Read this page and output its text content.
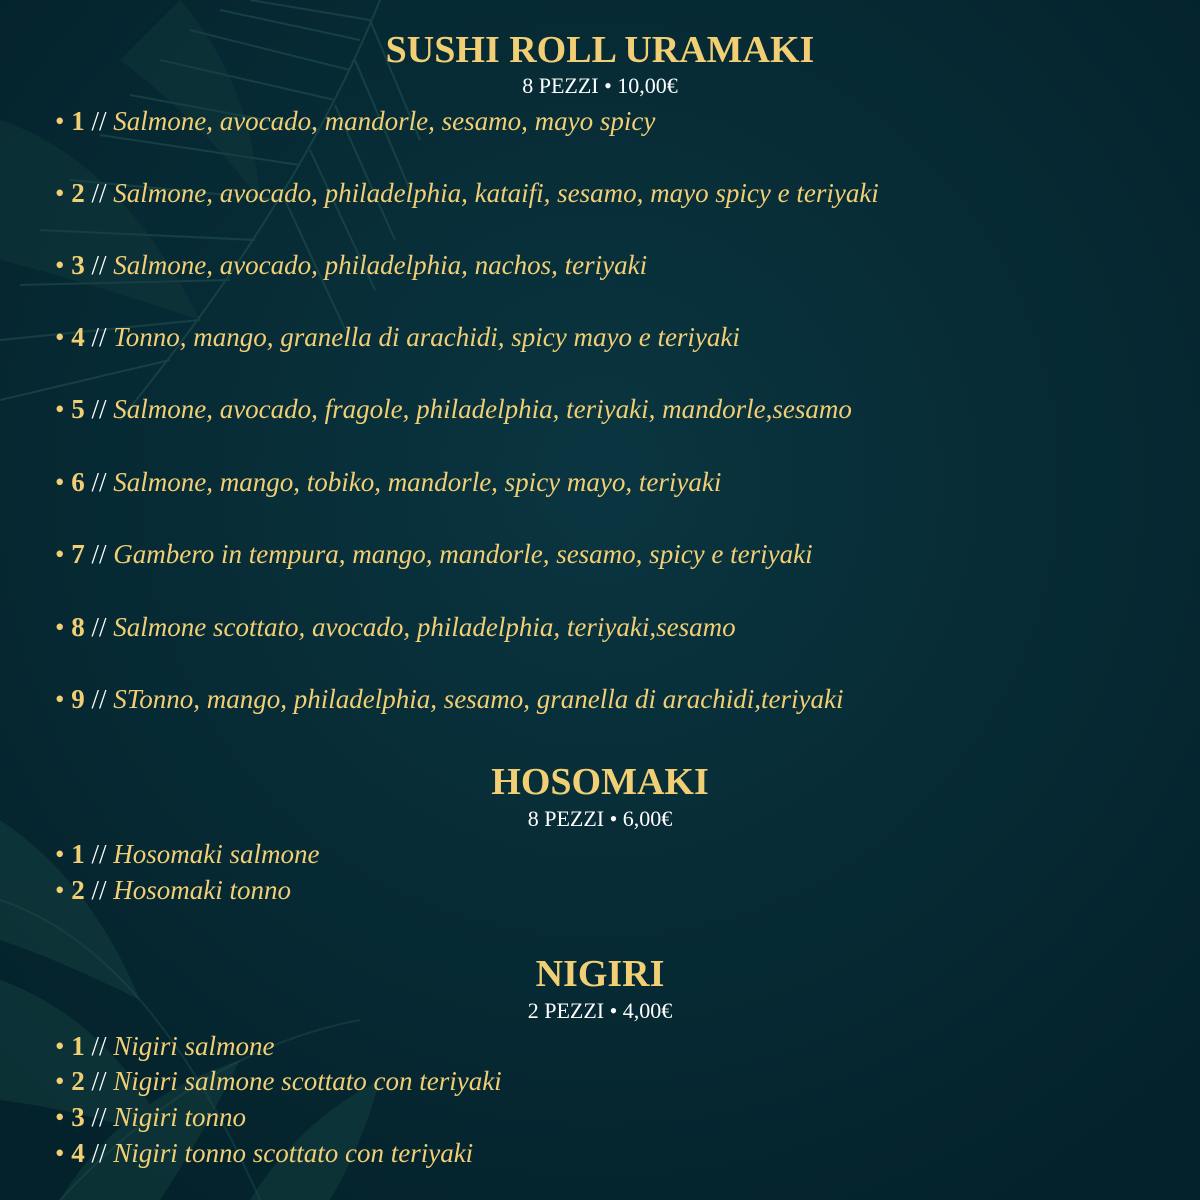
SUSHI ROLL URAMAKI
8 PEZZI • 10,00€
• 1 // Salmone, avocado, mandorle, sesamo, mayo spicy
• 2 // Salmone, avocado, philadelphia, kataifi, sesamo, mayo spicy e teriyaki
• 3 // Salmone, avocado, philadelphia, nachos, teriyaki
• 4 // Tonno, mango, granella di arachidi, spicy mayo e teriyaki
• 5 // Salmone, avocado, fragole, philadelphia, teriyaki, mandorle,sesamo
• 6 // Salmone, mango, tobiko, mandorle, spicy mayo, teriyaki
• 7 // Gambero in tempura, mango, mandorle, sesamo, spicy e teriyaki
• 8 // Salmone scottato, avocado, philadelphia, teriyaki,sesamo
• 9 // STonno, mango, philadelphia, sesamo, granella di arachidi,teriyaki
HOSOMAKI
8 PEZZI • 6,00€
• 1 // Hosomaki salmone
• 2 // Hosomaki tonno
NIGIRI
2 PEZZI • 4,00€
• 1 // Nigiri salmone
• 2 // Nigiri salmone scottato con teriyaki
• 3 // Nigiri tonno
• 4 // Nigiri tonno scottato con teriyaki
